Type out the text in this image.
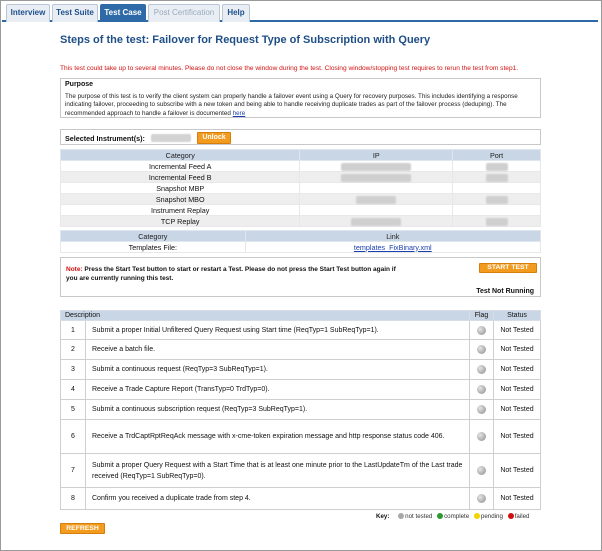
Interview	Test Suite	Test Case	Post Certification	Help
Steps of the test: Failover for Request Type of Subscription with Query
This test could take up to several minutes. Please do not close the window during the test. Closing window/stopping test requires to rerun the test from step1.
Purpose
The purpose of this test is to verify the client system can properly handle a failover event using a Query for recovery purposes. This includes identifying a response indicating failover, proceeding to subscribe with a new token and being able to handle receiving duplicate trades as part of the failover process (deduping). The recommended approach to handle a failover is documented here
Selected Instrument(s):	Unlock
Category	IP	Port
Incremental Feed A		
Incremental Feed B		
Snapshot MBP		
Snapshot MBO		
Instrument Replay		
TCP Replay		
Category	Link
Templates File:	templates_FixBinary.xml
Note: Press the Start Test button to start or restart a Test. Please do not press the Start Test button again if you are currently running this test.
START TEST
Test Not Running
Description		Flag	Status
1	Submit a proper Initial Unfiltered Query Request using Start time (ReqTyp=1 SubReqTyp=1).		Not Tested
2	Receive a batch file.		Not Tested
3	Submit a continuous request (ReqTyp=3 SubReqTyp=1).		Not Tested
4	Receive a Trade Capture Report (TransTyp=0 TrdTyp=0).		Not Tested
5	Submit a continuous subscription request (ReqTyp=3 SubReqTyp=1).		Not Tested
6	Receive a TrdCaptRptReqAck message with x-cme-token expiration message and http response status code 406.		Not Tested
7	Submit a proper Query Request with a Start Time that is at least one minute prior to the LastUpdateTm of the Last trade received (ReqTyp=1 SubReqTyp=0).		Not Tested
8	Confirm you received a duplicate trade from step 4.		Not Tested
Key:	not tested complete pending failed
REFRESH
